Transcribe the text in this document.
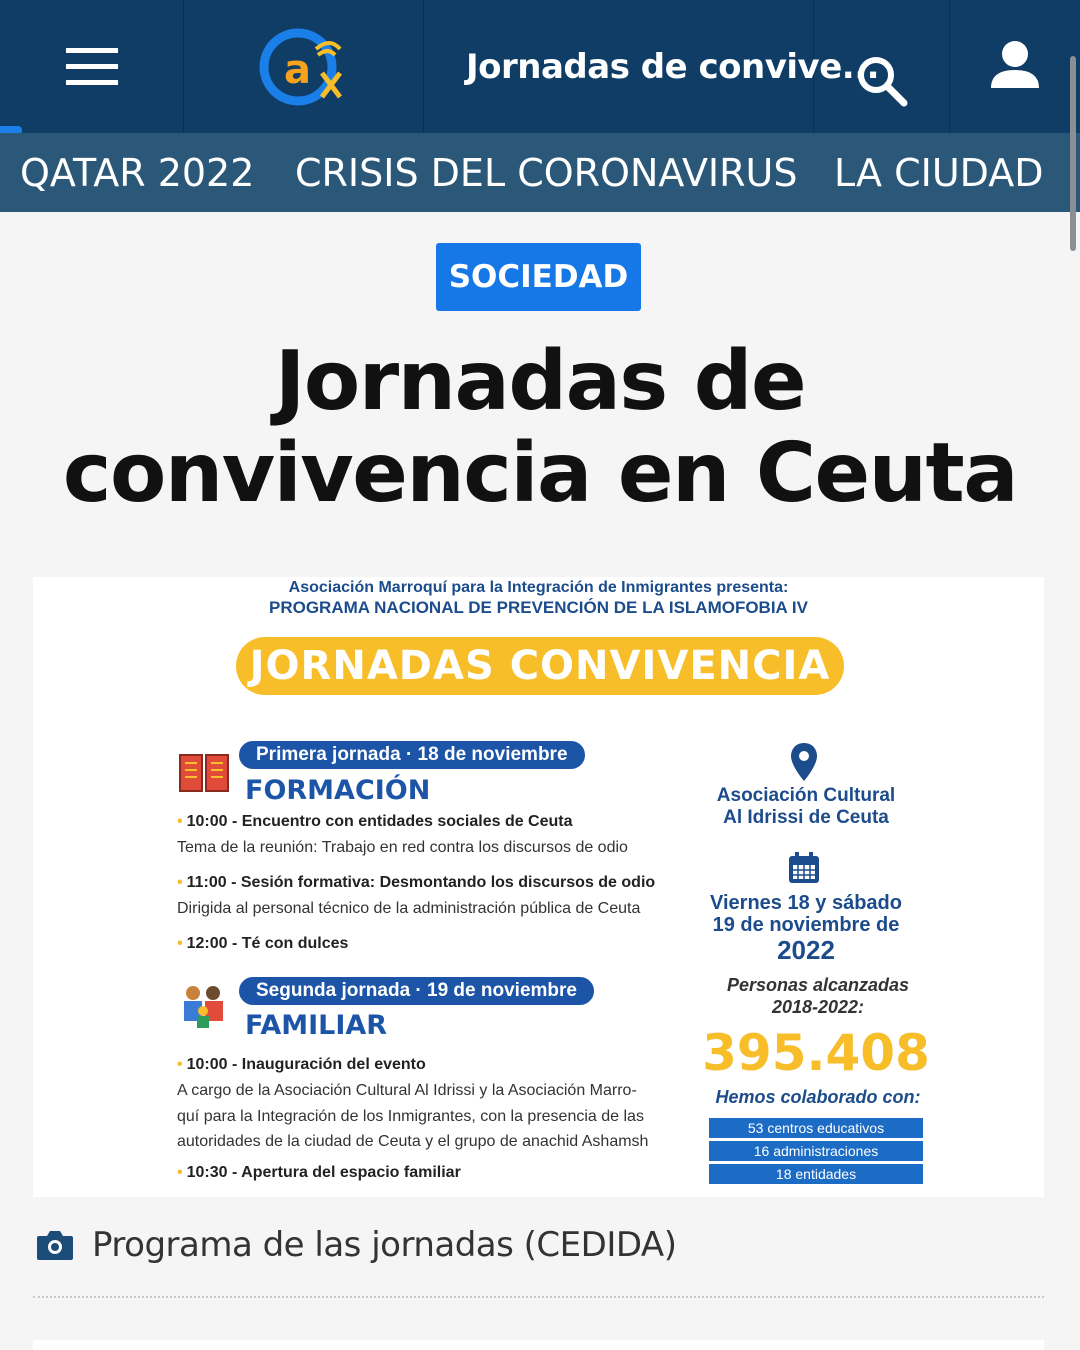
a	Jornadas de convive...
QATAR 2022 CRISIS DEL CORONAVIRUS LA CIUDAD
SOCIEDAD
Jornadas de convivencia en Ceuta
Asociación Marroquí para la Integración de Inmigrantes presenta:
PROGRAMA NACIONAL DE PREVENCIÓN DE LA ISLAMOFOBIA IV
JORNADAS CONVIVENCIA
Primera jornada · 18 de noviembre
FORMACIÓN
• 10:00 - Encuentro con entidades sociales de Ceuta
Tema de la reunión: Trabajo en red contra los discursos de odio
• 11:00 - Sesión formativa: Desmontando los discursos de odio
Dirigida al personal técnico de la administración pública de Ceuta
• 12:00 - Té con dulces
Segunda jornada · 19 de noviembre
FAMILIAR
• 10:00 - Inauguración del evento
A cargo de la Asociación Cultural Al Idrissi y la Asociación Marro-
quí para la Integración de los Inmigrantes, con la presencia de las
autoridades de la ciudad de Ceuta y el grupo de anachid Ashamsh
• 10:30 - Apertura del espacio familiar
Asociación Cultural
Al Idrissi de Ceuta
Viernes 18 y sábado
19 de noviembre de
2022
Personas alcanzadas
2018-2022:
395.408
Hemos colaborado con:
53 centros educativos
16 administraciones
18 entidades
Programa de las jornadas (CEDIDA)
